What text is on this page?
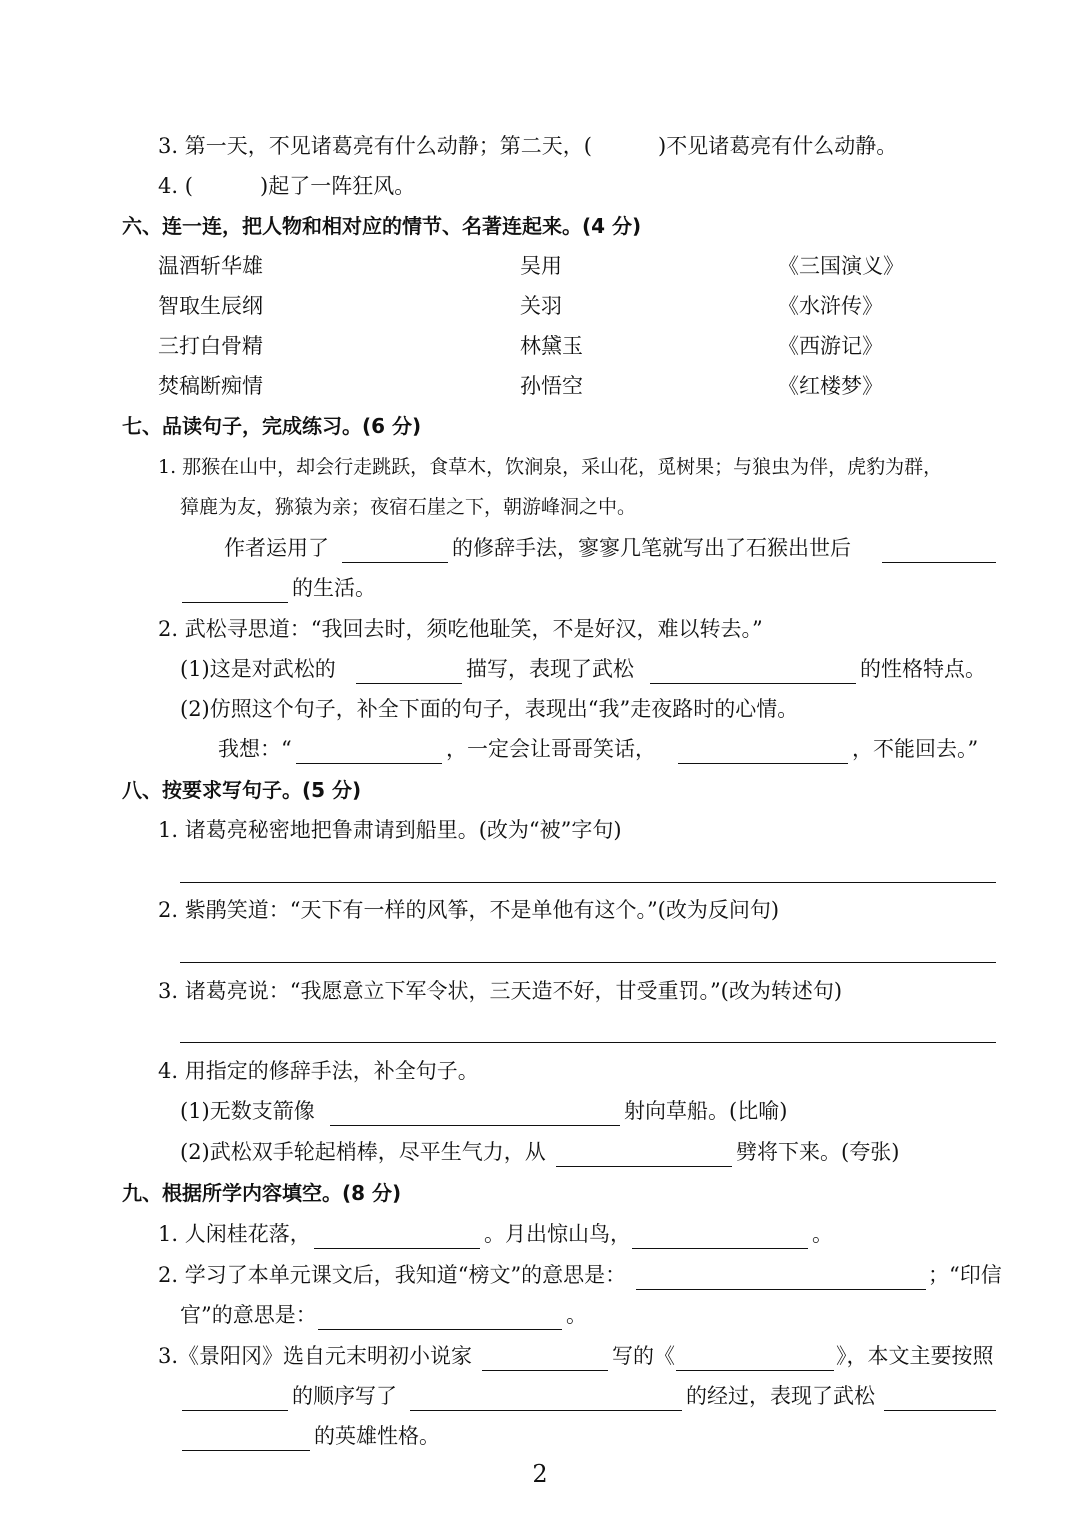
3. 第一天，不见诸葛亮有什么动静；第二天，(	)不见诸葛亮有什么动静。
4. (	)起了一阵狂风。
六、连一连，把人物和相对应的情节、名著连起来。(4 分)
温酒斩华雄	吴用	《三国演义》
智取生辰纲	关羽	《水浒传》
三打白骨精	林黛玉	《西游记》
焚稿断痴情	孙悟空	《红楼梦》
七、品读句子，完成练习。(6 分)
1. 那猴在山中，却会行走跳跃，食草木，饮涧泉，采山花，觅树果；与狼虫为伴，虎豹为群，
獐鹿为友，猕猿为亲；夜宿石崖之下，朝游峰洞之中。
作者运用了	的修辞手法，寥寥几笔就写出了石猴出世后
的生活。
2. 武松寻思道：“我回去时，须吃他耻笑，不是好汉，难以转去。”
(1)这是对武松的	描写，表现了武松	的性格特点。
(2)仿照这个句子，补全下面的句子，表现出“我”走夜路时的心情。
我想：“	，一定会让哥哥笑话，	，不能回去。”
八、按要求写句子。(5 分)
1. 诸葛亮秘密地把鲁肃请到船里。(改为“被”字句)
2. 紫鹃笑道：“天下有一样的风筝，不是单他有这个。”(改为反问句)
3. 诸葛亮说：“我愿意立下军令状，三天造不好，甘受重罚。”(改为转述句)
4. 用指定的修辞手法，补全句子。
(1)无数支箭像	射向草船。(比喻)
(2)武松双手轮起梢棒，尽平生气力，从	劈将下来。(夸张)
九、根据所学内容填空。(8 分)
1. 人闲桂花落，	。月出惊山鸟，	。
2. 学习了本单元课文后，我知道“榜文”的意思是：	；“印信
官”的意思是：	。
3.《景阳冈》选自元末明初小说家	写的《	》，本文主要按照
的顺序写了	的经过，表现了武松
的英雄性格。
2
